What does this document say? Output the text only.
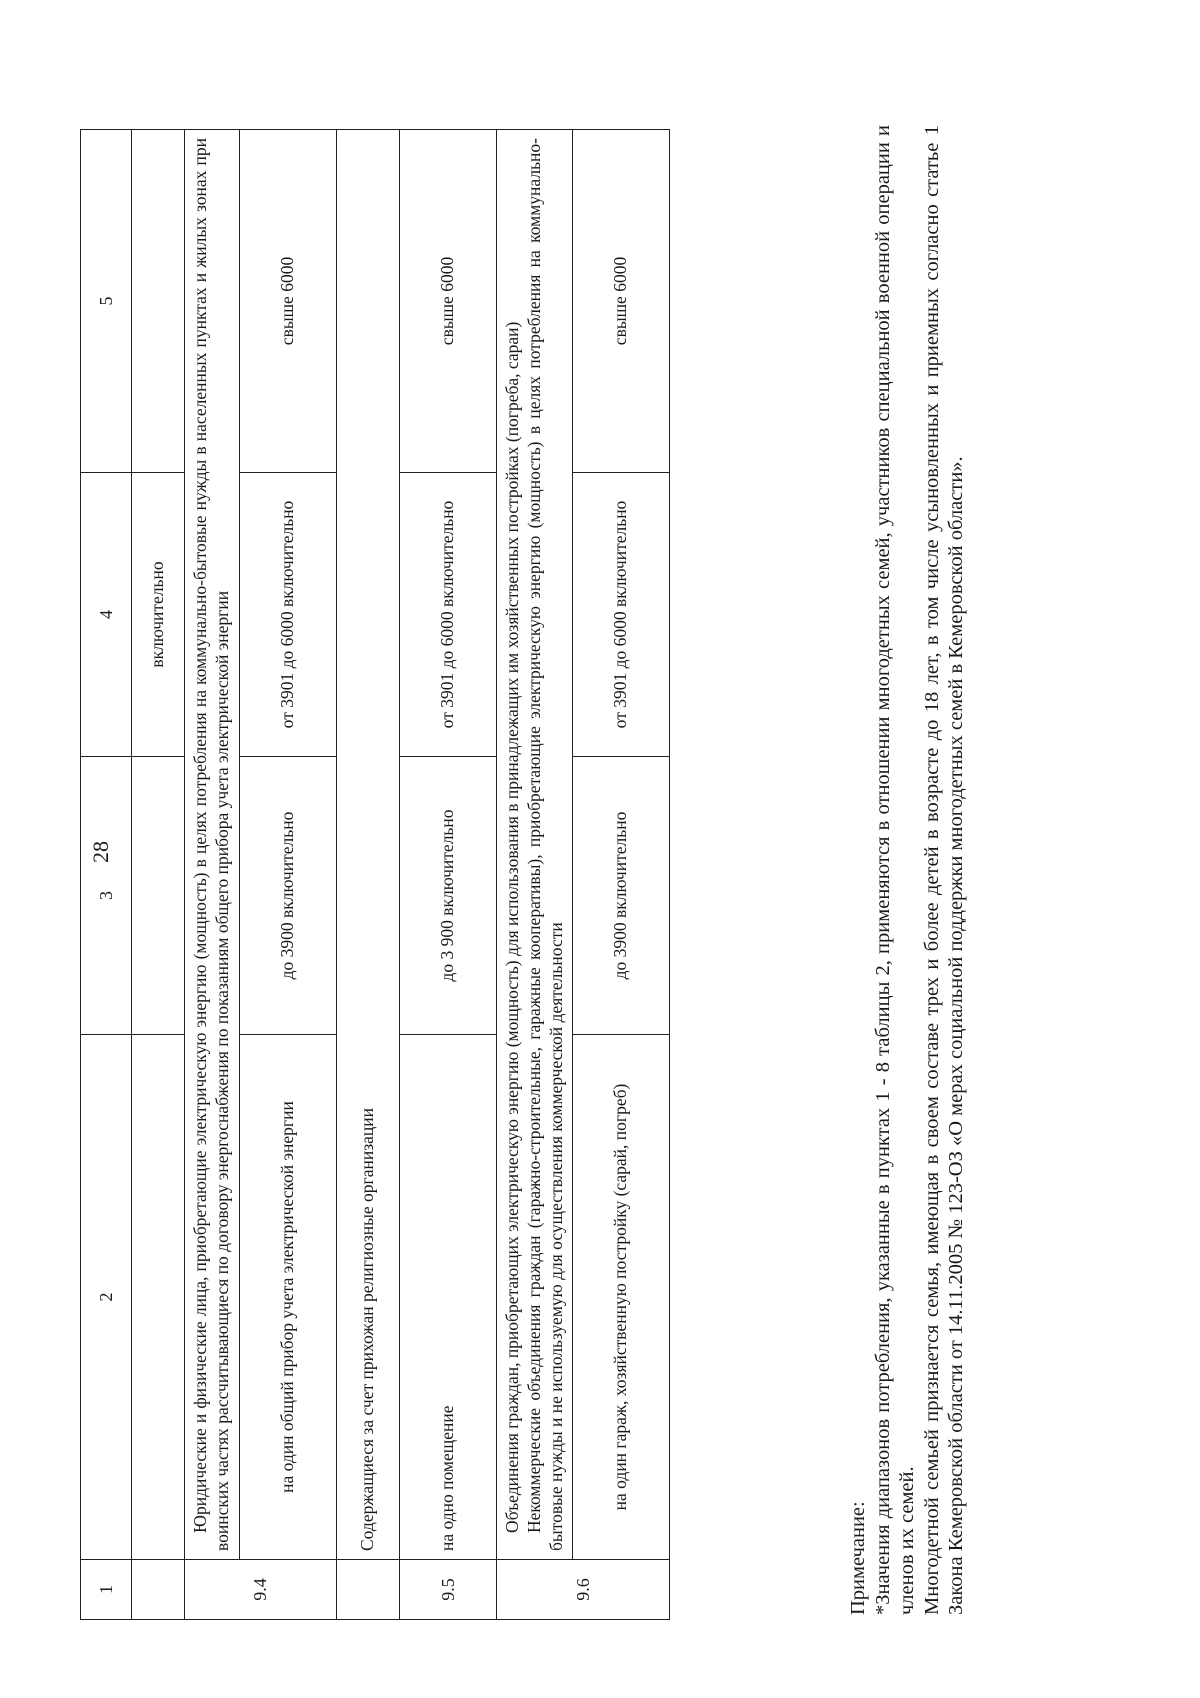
28
1	2	3	4	5
			включительно	
9.4	Юридические и физические лица, приобретающие электрическую энергию (мощность) в целях потребления на коммунально-бытовые нужды в населенных пунктах и жилых зонах при воинских частях рассчитывающиеся по договору энергоснабжения по показаниям общего прибора учета электрической энергии			
	на один общий прибор учета электрической энергии	до 3900 включительно	от 3901 до 6000 включительно	свыше 6000
	Содержащиеся за счет прихожан религиозные организации			
9.5	на одно помещение	до 3 900 включительно	от 3901 до 6000 включительно	свыше 6000
9.6	Объединения граждан, приобретающих электрическую энергию (мощность) для использования в принадлежащих им хозяйственных постройках (погреба, сараи) Некоммерческие объединения граждан (гаражно-строительные, гаражные кооперативы), приобретающие электрическую энергию (мощность) в целях потребления на коммунально-бытовые нужды и не используемую для осуществления коммерческой деятельности			

	на один гараж, хозяйственную постройку (сарай, погреб)	до 3900 включительно	от 3901 до 6000 включительно	свыше 6000

Примечание: *Значения диапазонов потребления, указанные в пунктах 1 - 8 таблицы 2, применяются в отношении многодетных семей, участников специальной военной операции и членов их семей. Многодетной семьей признается семья, имеющая в своем составе трех и более детей в возрасте до 18 лет, в том числе усыновленных и приемных согласно статье 1 Закона Кемеровской области от 14.11.2005 № 123-ОЗ «О мерах социальной поддержки многодетных семей в Кемеровской области».
